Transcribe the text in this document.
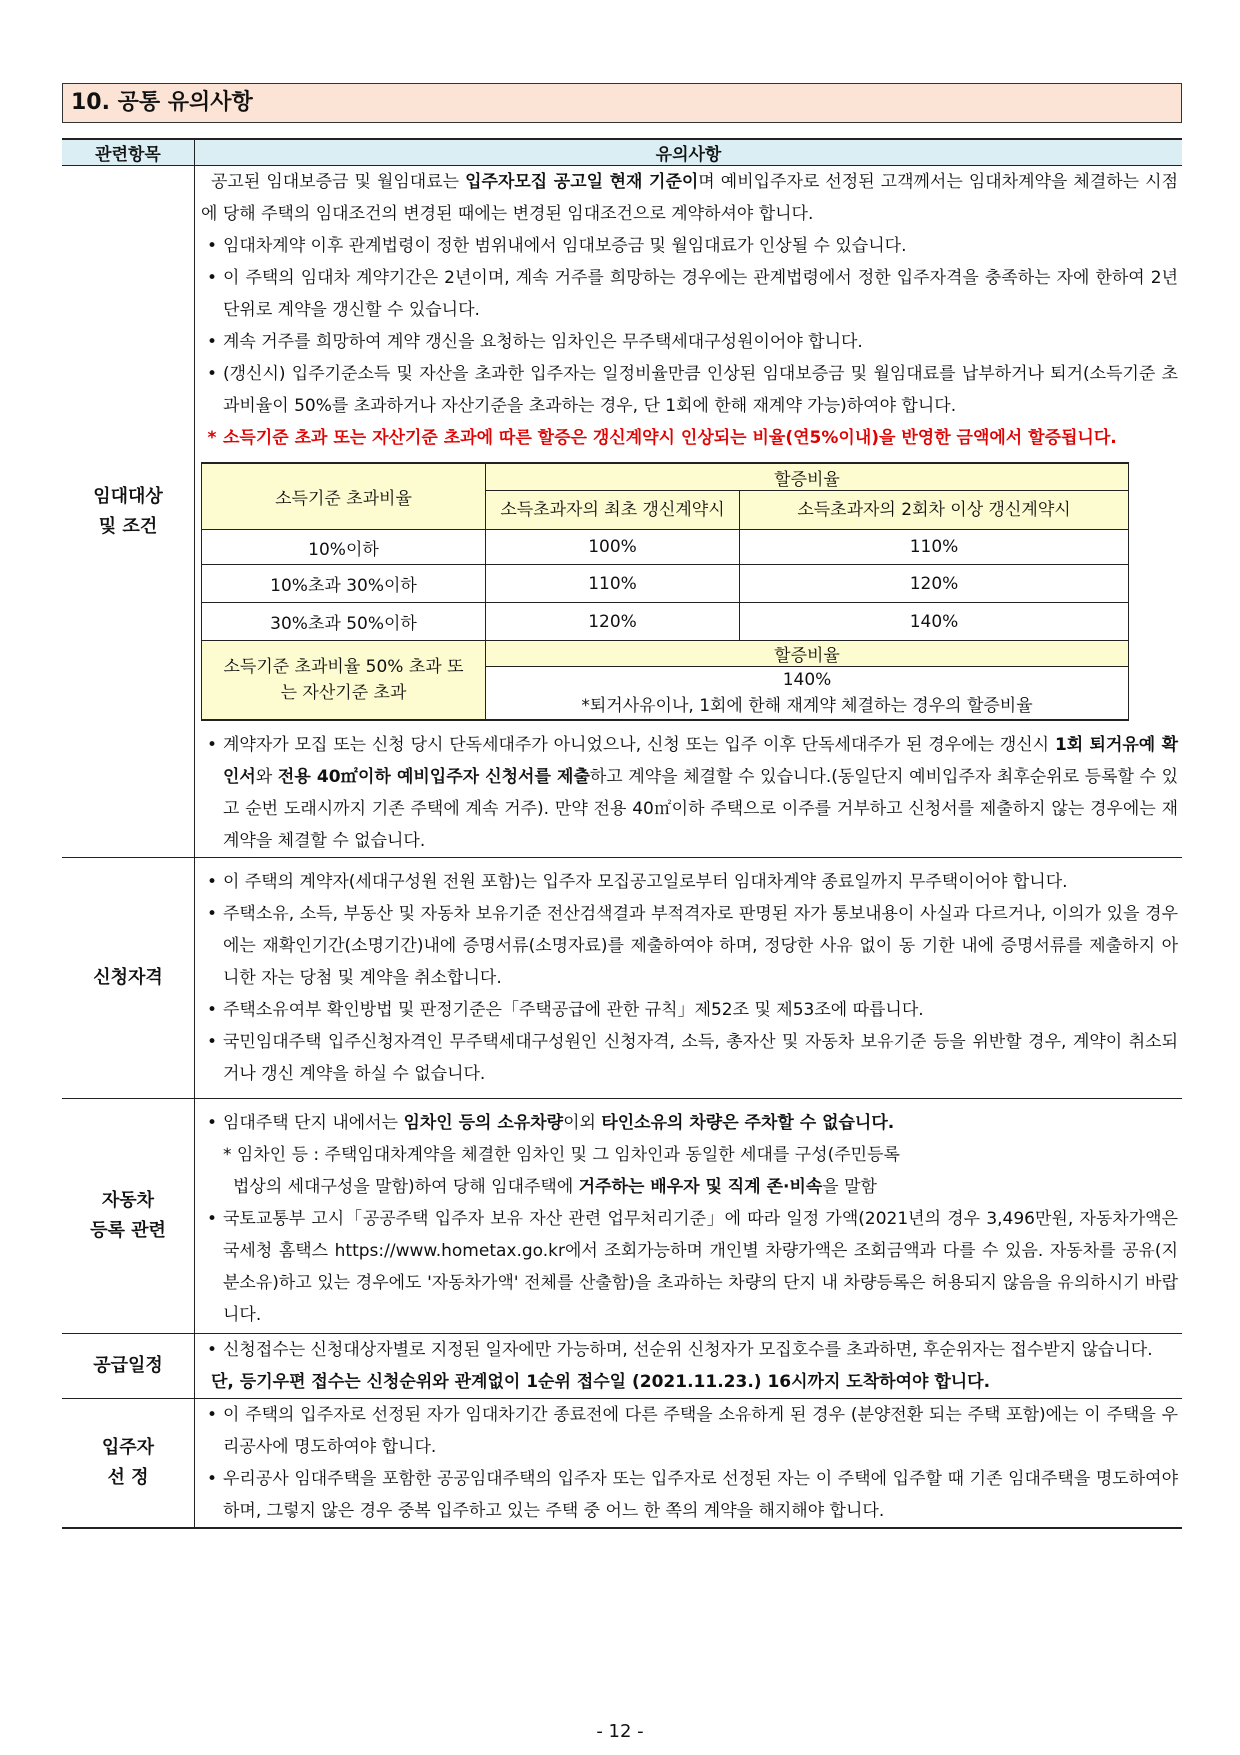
10. 공통 유의사항
관련항목	유의사항

임대대상
및 조건

공고된 임대보증금 및 월임대료는 입주자모집 공고일 현재 기준이며 예비입주자로 선정된 고객께서는 임대차계약을 체결하는 시점에 당해 주택의 임대조건의 변경된 때에는 변경된 임대조건으로 계약하셔야 합니다.
• 임대차계약 이후 관계법령이 정한 범위내에서 임대보증금 및 월임대료가 인상될 수 있습니다.
• 이 주택의 임대차 계약기간은 2년이며, 계속 거주를 희망하는 경우에는 관계법령에서 정한 입주자격을 충족하는 자에 한하여 2년 단위로 계약을 갱신할 수 있습니다.
• 계속 거주를 희망하여 계약 갱신을 요청하는 임차인은 무주택세대구성원이어야 합니다.
• (갱신시) 입주기준소득 및 자산을 초과한 입주자는 일정비율만큼 인상된 임대보증금 및 월임대료를 납부하거나 퇴거(소득기준 초과비율이 50%를 초과하거나 자산기준을 초과하는 경우, 단 1회에 한해 재계약 가능)하여야 합니다.
* 소득기준 초과 또는 자산기준 초과에 따른 할증은 갱신계약시 인상되는 비율(연5%이내)을 반영한 금액에서 할증됩니다.
소득기준 초과비율	할증비율
소득초과자의 최초 갱신계약시	소득초과자의 2회차 이상 갱신계약시
10%이하	100%	110%
10%초과 30%이하	110%	120%
30%초과 50%이하	120%	140%
소득기준 초과비율 50% 초과 또는 자산기준 초과	할증비율

140%
*퇴거사유이나, 1회에 한해 재계약 체결하는 경우의 할증비율
• 계약자가 모집 또는 신청 당시 단독세대주가 아니었으나, 신청 또는 입주 이후 단독세대주가 된 경우에는 갱신시 1회 퇴거유예 확인서와 전용 40㎡이하 예비입주자 신청서를 제출하고 계약을 체결할 수 있습니다.(동일단지 예비입주자 최후순위로 등록할 수 있고 순번 도래시까지 기존 주택에 계속 거주). 만약 전용 40㎡이하 주택으로 이주를 거부하고 신청서를 제출하지 않는 경우에는 재계약을 체결할 수 없습니다.

신청자격	
• 이 주택의 계약자(세대구성원 전원 포함)는 입주자 모집공고일로부터 임대차계약 종료일까지 무주택이어야 합니다.
• 주택소유, 소득, 부동산 및 자동차 보유기준 전산검색결과 부적격자로 판명된 자가 통보내용이 사실과 다르거나, 이의가 있을 경우에는 재확인기간(소명기간)내에 증명서류(소명자료)를 제출하여야 하며, 정당한 사유 없이 동 기한 내에 증명서류를 제출하지 아니한 자는 당첨 및 계약을 취소합니다.
• 주택소유여부 확인방법 및 판정기준은「주택공급에 관한 규칙」제52조 및 제53조에 따릅니다.
• 국민임대주택 입주신청자격인 무주택세대구성원인 신청자격, 소득, 총자산 및 자동차 보유기준 등을 위반할 경우, 계약이 취소되거나 갱신 계약을 하실 수 없습니다.

자동차
등록 관련

• 임대주택 단지 내에서는 임차인 등의 소유차량이외 타인소유의 차량은 주차할 수 없습니다.
* 임차인 등 : 주택임대차계약을 체결한 임차인 및 그 임차인과 동일한 세대를 구성(주민등록
법상의 세대구성을 말함)하여 당해 임대주택에 거주하는 배우자 및 직계 존·비속을 말함
• 국토교통부 고시「공공주택 입주자 보유 자산 관련 업무처리기준」에 따라 일정 가액(2021년의 경우 3,496만원, 자동차가액은 국세청 홈택스 https://www.hometax.go.kr에서 조회가능하며 개인별 차량가액은 조회금액과 다를 수 있음. 자동차를 공유(지분소유)하고 있는 경우에도 '자동차가액' 전체를 산출함)을 초과하는 차량의 단지 내 차량등록은 허용되지 않음을 유의하시기 바랍니다.

공급일정	
• 신청접수는 신청대상자별로 지정된 일자에만 가능하며, 선순위 신청자가 모집호수를 초과하면, 후순위자는 접수받지 않습니다.
단, 등기우편 접수는 신청순위와 관계없이 1순위 접수일 (2021.11.23.) 16시까지 도착하여야 합니다.

입주자
선 정

• 이 주택의 입주자로 선정된 자가 임대차기간 종료전에 다른 주택을 소유하게 된 경우 (분양전환 되는 주택 포함)에는 이 주택을 우리공사에 명도하여야 합니다.
• 우리공사 임대주택을 포함한 공공임대주택의 입주자 또는 입주자로 선정된 자는 이 주택에 입주할 때 기존 임대주택을 명도하여야 하며, 그렇지 않은 경우 중복 입주하고 있는 주택 중 어느 한 쪽의 계약을 해지해야 합니다.
- 12 -
